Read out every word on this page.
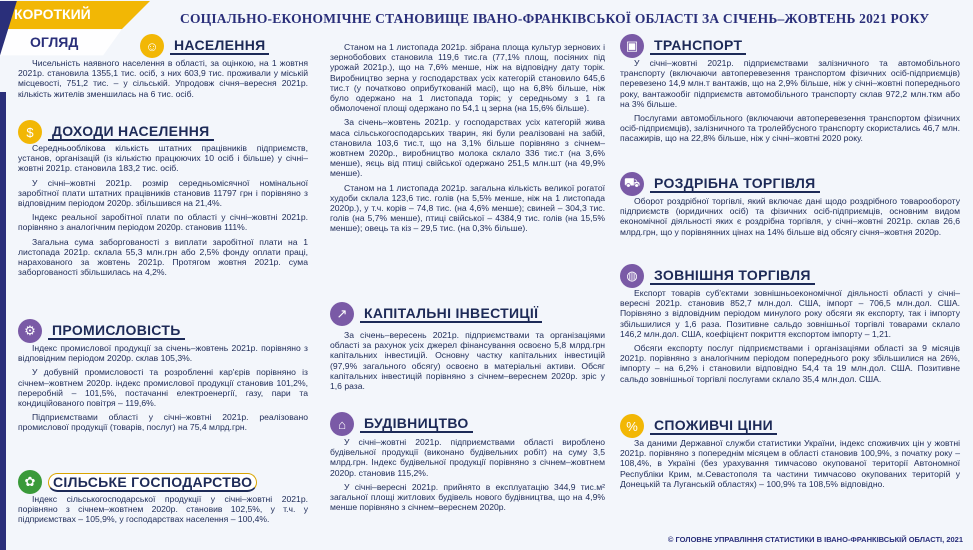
КОРОТКИЙ
ОГЛЯД
СОЦІАЛЬНО-ЕКОНОМІЧНЕ СТАНОВИЩЕ ІВАНО-ФРАНКІВСЬКОЇ ОБЛАСТІ ЗА СІЧЕНЬ–ЖОВТЕНЬ 2021 РОКУ
☺	НАСЕЛЕННЯ

Чисельність наявного населення в області, за оцінкою, на 1 жовтня 2021р. становила 1355,1 тис. осіб, з них 603,9 тис. проживали у міській місцевості, 751,2 тис. – у сільській. Упродовж січня–вересня 2021р. кількість жителів зменшилась на 6 тис. осіб.

$	ДОХОДИ НАСЕЛЕННЯ

Середньооблікова кількість штатних працівників підприємств, установ, організацій (із кількістю працюючих 10 осіб і більше) у січні–жовтні 2021р. становила 183,2 тис. осіб.

У січні–жовтні 2021р. розмір середньомісячної номінальної заробітної плати штатних працівників становив 11797 грн і порівняно з відповідним періодом 2020р. збільшився на 21,4%.

Індекс реальної заробітної плати по області у січні–жовтні 2021р. порівняно з аналогічним періодом 2020р. становив 111%.

Загальна сума заборгованості з виплати заробітної плати на 1 листопада 2021р. склала 55,3 млн.грн або 2,5% фонду оплати праці, нарахованого за жовтень 2021р. Протягом жовтня 2021р. сума заборгованості збільшилась на 4,2%.

⚙	ПРОМИСЛОВІСТЬ

Індекс промислової продукції за січень–жовтень 2021р. порівняно з відповідним періодом 2020р. склав 105,3%.

У добувній промисловості та розробленні кар'єрів порівняно із січнем–жовтнем 2020р. індекс промислової продукції становив 101,2%, переробній – 101,5%, постачанні електроенергії, газу, пари та кондиційованого повітря – 119,6%.

Підприємствами області у січні–жовтні 2021р. реалізовано промислової продукції (товарів, послуг) на 75,4 млрд.грн.

✿	СІЛЬСЬКЕ ГОСПОДАРСТВО

Індекс сільськогосподарської продукції у січні–жовтні 2021р. порівняно з січнем–жовтнем 2020р. становив 102,5%, у т.ч. у підприємствах – 105,9%, у господарствах населення – 100,4%.

Станом на 1 листопада 2021р. зібрана площа культур зернових і зернобобових становила 119,6 тис.га (77,1% площ, посіяних під урожай 2021р.), що на 7,6% менше, ніж на відповідну дату торік. Виробництво зерна у господарствах усіх категорій становило 645,6 тис.т (у початково оприбуткованій масі), що на 6,8% більше, ніж було одержано на 1 листопада торік; у середньому з 1 га обмолоченої площі одержано по 54,1 ц зерна (на 15,6% більше).

За січень–жовтень 2021р. у господарствах усіх категорій жива маса сільськогосподарських тварин, які були реалізовані на забій, становила 103,6 тис.т, що на 3,1% більше порівняно з січнем–жовтнем 2020р., виробництво молока склало 336 тис.т (на 3,6% менше), яєць від птиці свійської одержано 251,5 млн.шт (на 49,9% менше).

Станом на 1 листопада 2021р. загальна кількість великої рогатої худоби склала 123,6 тис. голів (на 5,5% менше, ніж на 1 листопада 2020р.), у т.ч. корів – 74,8 тис. (на 4,6% менше); свиней – 304,3 тис. голів (на 5,7% менше), птиці свійської – 4384,9 тис. голів (на 15,5% менше); овець та кіз – 29,5 тис. (на 0,3% більше).

↗	КАПІТАЛЬНІ ІНВЕСТИЦІЇ

За січень–вересень 2021р. підприємствами та організаціями області за рахунок усіх джерел фінансування освоєно 5,8 млрд.грн капітальних інвестицій. Основну частку капітальних інвестицій (97,9% загального обсягу) освоєно в матеріальні активи. Обсяг капітальних інвестицій порівняно з січнем–вереснем 2020р. зріс у 1,6 раза.

⌂	БУДІВНИЦТВО

У січні–жовтні 2021р. підприємствами області вироблено будівельної продукції (виконано будівельних робіт) на суму 3,5 млрд.грн. Індекс будівельної продукції порівняно з січнем–жовтнем 2020р. становив 115,2%.

У січні–вересні 2021р. прийнято в експлуатацію 344,9 тис.м² загальної площі житлових будівель нового будівництва, що на 4,9% менше порівняно з січнем–вереснем 2020р.

▣	ТРАНСПОРТ

У січні–жовтні 2021р. підприємствами залізничного та автомобільного транспорту (включаючи автоперевезення транспортом фізичних осіб-підприємців) перевезено 14,9 млн.т вантажів, що на 2,9% більше, ніж у січні–жовтні попереднього року, вантажообіг підприємств автомобільного транспорту склав 972,2 млн.ткм або на 3% більше.

Послугами автомобільного (включаючи автоперевезення транспортом фізичних осіб-підприємців), залізничного та тролейбусного транспорту скористались 46,7 млн. пасажирів, що на 22,8% більше, ніж у січні–жовтні 2020 року.

⛟ РОЗДРІБНА ТОРГІВЛЯ

Оборот роздрібної торгівлі, який включає дані щодо роздрібного товарообороту підприємств (юридичних осіб) та фізичних осіб-підприємців, основним видом економічної діяльності яких є роздрібна торгівля, у січні–жовтні 2021р. склав 26,6 млрд.грн, що у порівнянних цінах на 14% більше від обсягу січня–жовтня 2020р.

◍	ЗОВНІШНЯ ТОРГІВЛЯ

Експорт товарів суб'єктами зовнішньоекономічної діяльності області у січні–вересні 2021р. становив 852,7 млн.дол. США, імпорт – 706,5 млн.дол. США. Порівняно з відповідним періодом минулого року обсяги як експорту, так і імпорту збільшилися у 1,6 раза. Позитивне сальдо зовнішньої торгівлі товарами склало 146,2 млн.дол. США, коефіцієнт покриття експортом імпорту – 1,21.

Обсяги експорту послуг підприємствами і організаціями області за 9 місяців 2021р. порівняно з аналогічним періодом попереднього року збільшилися на 26%, імпорту – на 6,2% і становили відповідно 54,4 та 19 млн.дол. США. Позитивне сальдо зовнішньої торгівлі послугами склало 35,4 млн.дол. США.

%	СПОЖИВЧІ ЦІНИ

За даними Державної служби статистики України, індекс споживчих цін у жовтні 2021р. порівняно з попереднім місяцем в області становив 100,9%, з початку року – 108,4%, в Україні (без урахування тимчасово окупованої території Автономної Республіки Крим, м.Севастополя та частини тимчасово окупованих територій у Донецькій та Луганській областях) – 100,9% та 108,5% відповідно.

© ГОЛОВНЕ УПРАВЛІННЯ СТАТИСТИКИ В ІВАНО-ФРАНКІВСЬКІЙ ОБЛАСТІ, 2021
